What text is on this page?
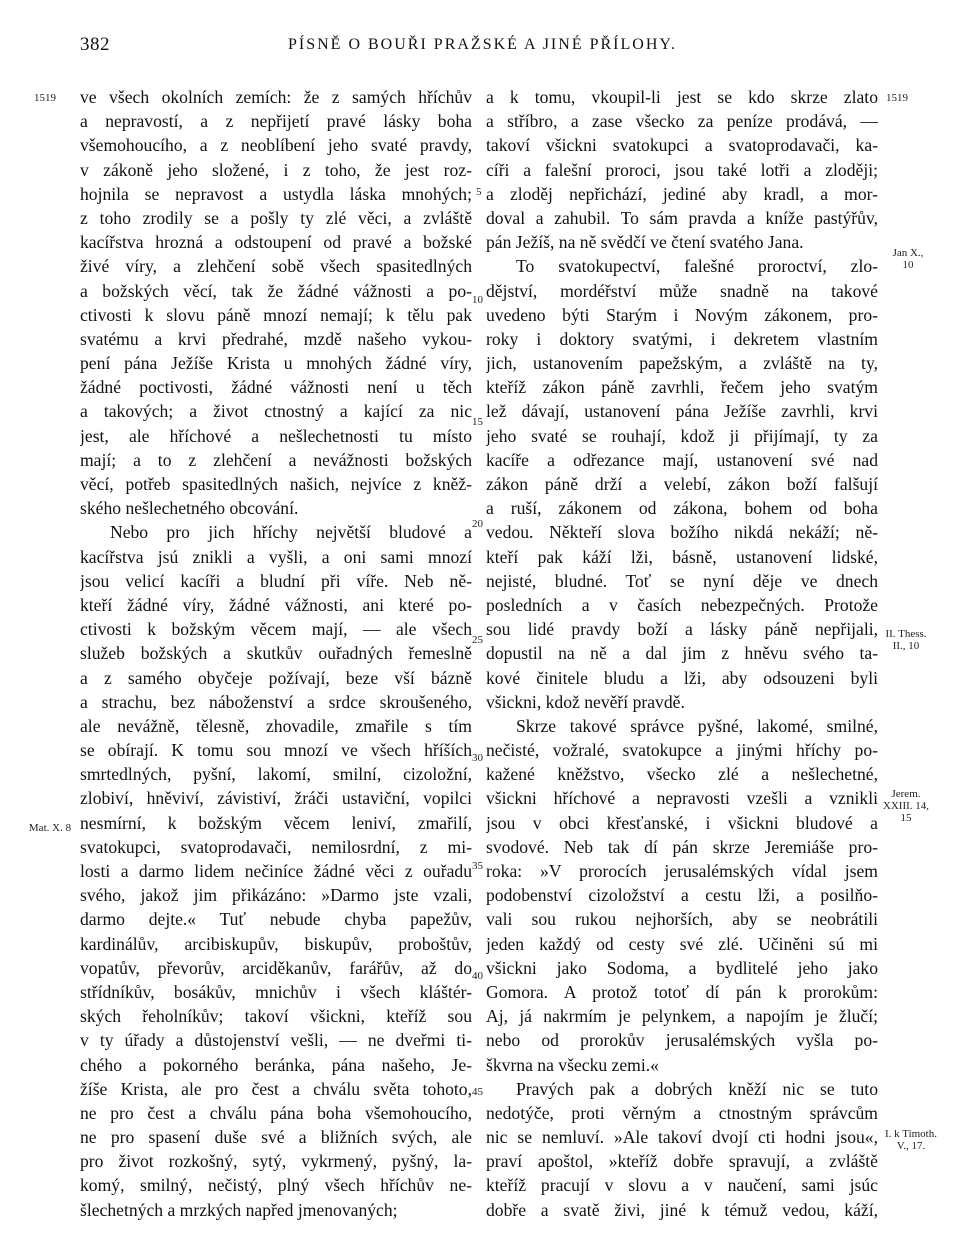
382	PÍSNĚ O BOUŘI PRAŽSKÉ A JINÉ PŘÍLOHY.
ve všech okolních zemích: že z samých hříchův
a nepravostí, a z nepřijetí pravé lásky boha
všemohoucího, a z neoblíbení jeho svaté pravdy,
v zákoně jeho složené, i z toho, že jest roz-
hojnila se nepravost a ustydla láska mnohých;
z toho zrodily se a pošly ty zlé věci, a zvláště
kacířstva hrozná a odstoupení od pravé a božské
živé víry, a zlehčení sobě všech spasitedlných
a božských věcí, tak že žádné vážnosti a po-
ctivosti k slovu páně mnozí nemají; k tělu pak
svatému a krvi předrahé, mzdě našeho vykou-
pení pána Ježíše Krista u mnohých žádné víry,
žádné poctivosti, žádné vážnosti není u těch
a takových; a život ctnostný a kající za nic
jest, ale hříchové a nešlechetnosti tu místo
mají; a to z zlehčení a nevážnosti božských
věcí, potřeb spasitedlných našich, nejvíce z kněž-
ského nešlechetného obcování.
Nebo pro jich hříchy největší bludové a
kacířstva jsú znikli a vyšli, a oni sami mnozí
jsou velicí kacíři a bludní při víře. Neb ně-
kteří žádné víry, žádné vážnosti, ani které po-
ctivosti k božským věcem mají, — ale všech
služeb božských a skutkův ouřadných řemeslně
a z samého obyčeje požívají, beze vší bázně
a strachu, bez náboženství a srdce skroušeného,
ale nevážně, tělesně, zhovadile, zmařile s tím
se obírají. K tomu sou mnozí ve všech hříších
smrtedlných, pyšní, lakomí, smilní, cizoložní,
zlobiví, hněviví, závistiví, žráči ustaviční, vopilci
nesmírní, k božským věcem leniví, zmařilí,
svatokupci, svatoprodavači, nemilosrdní, z mi-
losti a darmo lidem nečiníce žádné věci z ouřadu
svého, jakož jim přikázáno: »Darmo jste vzali,
darmo dejte.« Tuť nebude chyba papežův,
kardinálův, arcibiskupův, biskupův, proboštův,
vopatův, převorův, arciděkanův, farářův, až do
střídníkův, bosákův, mnichův i všech kláštér-
ských řeholníkův; takoví všickni, kteříž sou
v ty úřady a důstojenství vešli, — ne dveřmi ti-
chého a pokorného beránka, pána našeho, Je-
žíše Krista, ale pro čest a chválu světa tohoto,
ne pro čest a chválu pána boha všemohoucího,
ne pro spasení duše své a bližních svých, ale
pro život rozkošný, sytý, vykrmený, pyšný, la-
komý, smilný, nečistý, plný všech hříchův ne-
šlechetných a mrzkých napřed jmenovaných;
a k tomu, vkoupil-li jest se kdo skrze zlato
a stříbro, a zase všecko za peníze prodává, —
takoví všickni svatokupci a svatoprodavači, ka-
cíři a falešní proroci, jsou také lotři a zloději;
a zloděj nepřichází, jediné aby kradl, a mor-
doval a zahubil. To sám pravda a kníže pastýřův,
pán Ježíš, na ně svědčí ve čtení svatého Jana.
To svatokupectví, falešné proroctví, zlo-
dějství, mordéřství může snadně na takové
uvedeno býti Starým i Novým zákonem, pro-
roky i doktory svatými, i dekretem vlastním
jich, ustanovením papežským, a zvláště na ty,
kteříž zákon páně zavrhli, řečem jeho svatým
lež dávají, ustanovení pána Ježíše zavrhli, krvi
jeho svaté se rouhají, kdož ji přijímají, ty za
kacíře a odřezance mají, ustanovení své nad
zákon páně drží a velebí, zákon boží falšují
a ruší, zákonem od zákona, bohem od boha
vedou. Někteří slova božího nikdá nekáží; ně-
kteří pak káží lži, básně, ustanovení lidské,
nejisté, bludné. Toť se nyní děje ve dnech
posledních a v časích nebezpečných. Protože
sou lidé pravdy boží a lásky páně nepřijali,
dopustil na ně a dal jim z hněvu svého ta-
kové činitele bludu a lži, aby odsouzeni byli
všickni, kdož nevěří pravdě.
Skrze takové správce pyšné, lakomé, smilné,
nečisté, vožralé, svatokupce a jinými hříchy po-
kažené kněžstvo, všecko zlé a nešlechetné,
všickni hříchové a nepravosti vzešli a vznikli
jsou v obci křesťanské, i všickni bludové a
svodové. Neb tak dí pán skrze Jeremiáše pro-
roka: »V prorocích jerusalémských vídal jsem
podobenství cizoložství a cestu lži, a posilňo-
vali sou rukou nejhorších, aby se neobrátili
jeden každý od cesty své zlé. Učiněni sú mi
všickni jako Sodoma, a bydlitelé jeho jako
Gomora. A protož totoť dí pán k prorokům:
Aj, já nakrmím je pelynkem, a napojím je žlučí;
nebo od prorokův jerusalémských vyšla po-
škvrna na všecku zemi.«
Pravých pak a dobrých kněží nic se tuto
nedotýče, proti věrným a ctnostným správcům
nic se nemluví. »Ale takoví dvojí cti hodni jsou«,
praví apoštol, »kteříž dobře spravují, a zvláště
kteříž pracují v slovu a v naučení, sami jsúc
dobře a svatě živi, jiné k témuž vedou, káží,
1519	1519
5
10
15
20
25
30
35
40
45
Mat. X. 8
Jan X., 10
II. Thess. II., 10
Jerem. XXIII. 14, 15
I. k Timoth. V., 17.
